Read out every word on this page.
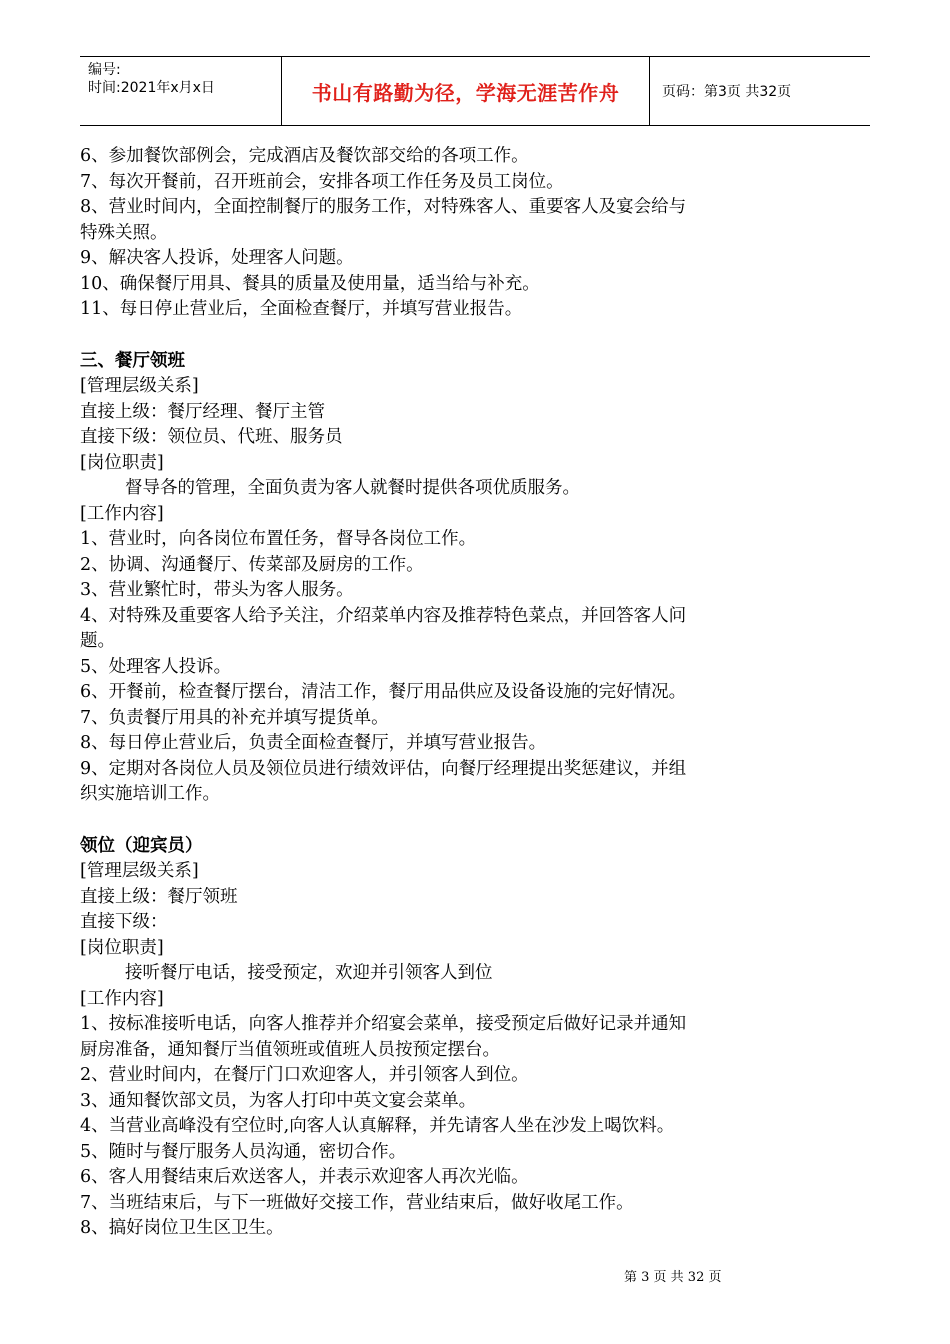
编号:
时间:2021年x月x日	书山有路勤为径，学海无涯苦作舟	页码：第3页 共32页
6、 参加餐饮部例会，完成酒店及餐饮部交给的各项工作。
7、 每次开餐前，召开班前会，安排各项工作任务及员工岗位。
8、 营业时间内，全面控制餐厅的服务工作，对特殊客人、重要客人及宴会给与
特殊关照。
9、 解决客人投诉，处理客人问题。
10、 确保餐厅用具、餐具的质量及使用量，适当给与补充。
11、 每日停止营业后，全面检查餐厅，并填写营业报告。

三、餐厅领班

[管理层级关系]

直接上级：餐厅经理、餐厅主管

直接下级：领位员、代班、服务员

[岗位职责]

督导各的管理，全面负责为客人就餐时提供各项优质服务。

[工作内容]

1、 营业时，向各岗位布置任务，督导各岗位工作。
2、 协调、沟通餐厅、传菜部及厨房的工作。
3、 营业繁忙时，带头为客人服务。
4、 对特殊及重要客人给予关注，介绍菜单内容及推荐特色菜点，并回答客人问
题。
5、 处理客人投诉。
6、 开餐前，检查餐厅摆台，清洁工作，餐厅用品供应及设备设施的完好情况。
7、 负责餐厅用具的补充并填写提货单。
8、 每日停止营业后，负责全面检查餐厅，并填写营业报告。
9、 定期对各岗位人员及领位员进行绩效评估，向餐厅经理提出奖惩建议，并组
织实施培训工作。

领位（迎宾员）

[管理层级关系]

直接上级：餐厅领班

直接下级：

[岗位职责]

接听餐厅电话，接受预定，欢迎并引领客人到位

[工作内容]

1、 按标准接听电话，向客人推荐并介绍宴会菜单，接受预定后做好记录并通知
厨房准备，通知餐厅当值领班或值班人员按预定摆台。
2、 营业时间内，在餐厅门口欢迎客人，并引领客人到位。
3、 通知餐饮部文员，为客人打印中英文宴会菜单。
4、 当营业高峰没有空位时,向客人认真解释，并先请客人坐在沙发上喝饮料。
5、 随时与餐厅服务人员沟通，密切合作。
6、 客人用餐结束后欢送客人，并表示欢迎客人再次光临。
7、 当班结束后，与下一班做好交接工作，营业结束后，做好收尾工作。
8、 搞好岗位卫生区卫生。
第 3 页 共 32 页
